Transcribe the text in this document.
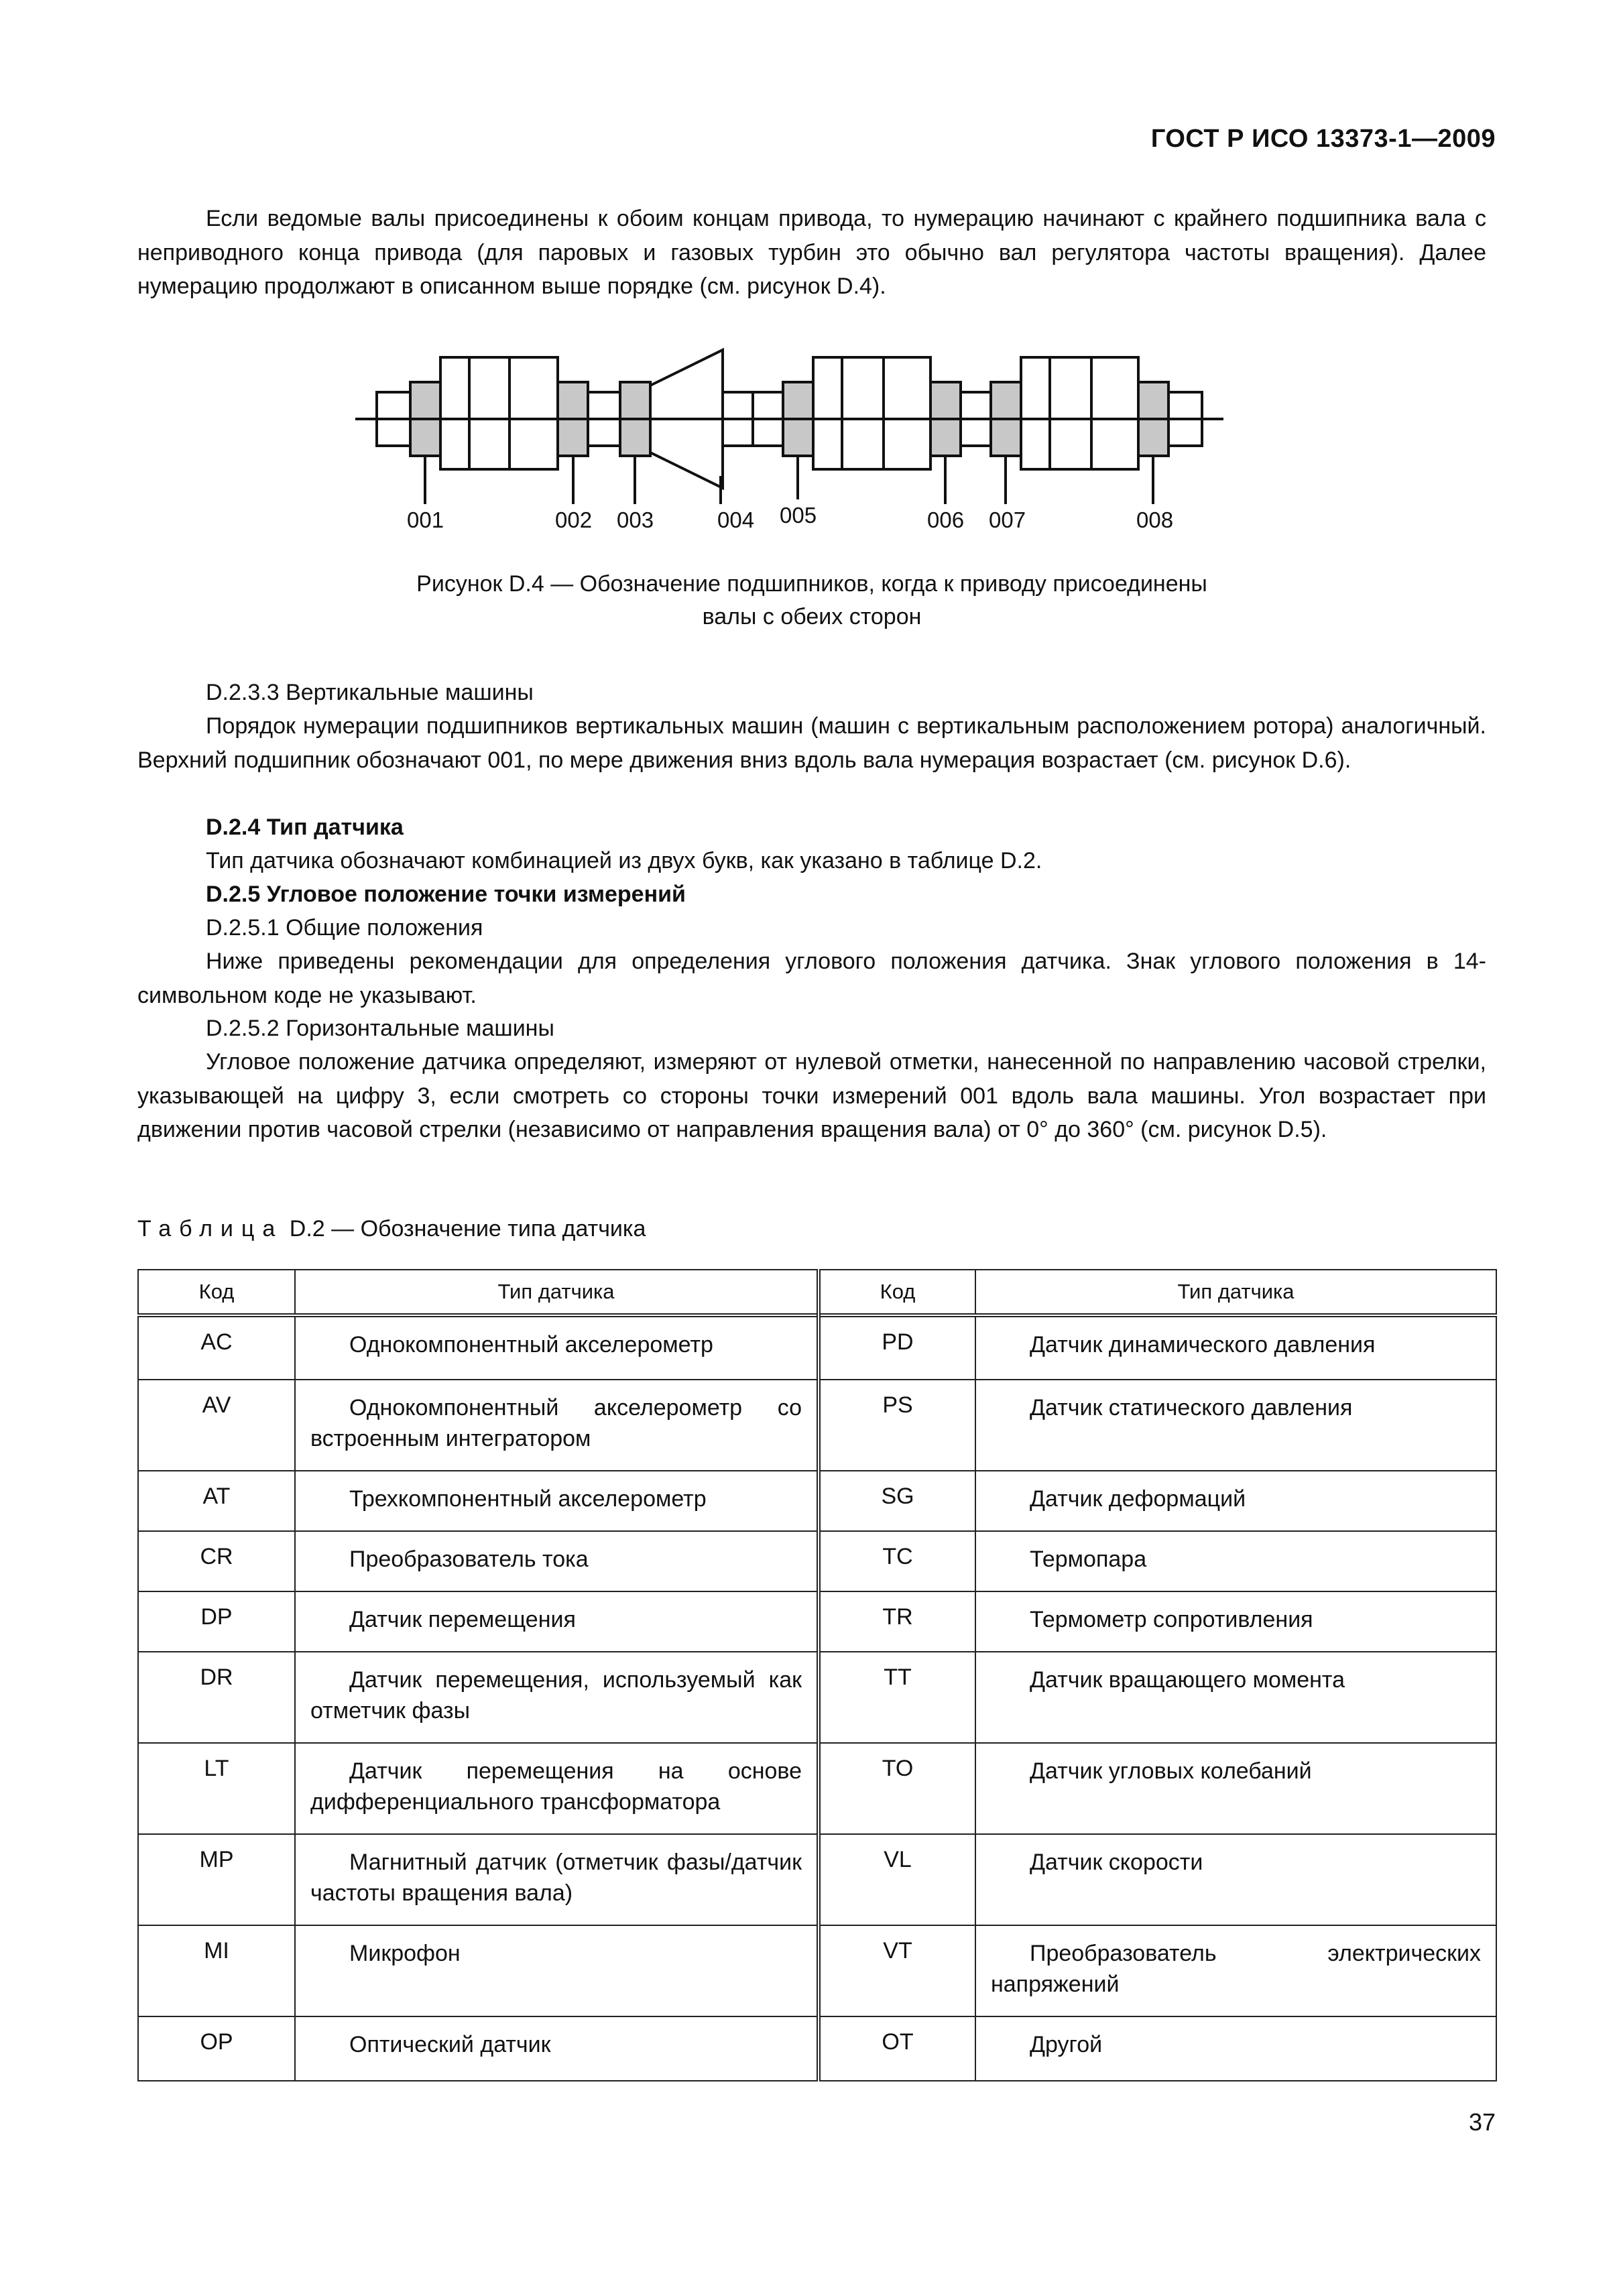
ГОСТ Р ИСО 13373-1—2009
Если ведомые валы присоединены к обоим концам привода, то нумерацию начинают с крайнего подшипника вала с неприводного конца привода (для паровых и газовых турбин это обычно вал регулятора частоты вращения). Далее нумерацию продолжают в описанном выше порядке (см. рисунок D.4).
001	002 003	004 005	006 007	008
Рисунок D.4 — Обозначение подшипников, когда к приводу присоединены
валы с обеих сторон
D.2.3.3 Вертикальные машины
Порядок нумерации подшипников вертикальных машин (машин с вертикальным расположением ротора) аналогичный. Верхний подшипник обозначают 001, по мере движения вниз вдоль вала нумерация возрастает (см. рисунок D.6).
D.2.4 Тип датчика
Тип датчика обозначают комбинацией из двух букв, как указано в таблице D.2.
D.2.5 Угловое положение точки измерений
D.2.5.1 Общие положения
Ниже приведены рекомендации для определения углового положения датчика. Знак углового положения в 14-символьном коде не указывают.
D.2.5.2 Горизонтальные машины
Угловое положение датчика определяют, измеряют от нулевой отметки, нанесенной по направлению часовой стрелки, указывающей на цифру 3, если смотреть со стороны точки измерений 001 вдоль вала машины. Угол возрастает при движении против часовой стрелки (независимо от направления вращения вала) от 0° до 360° (см. рисунок D.5).
Таблица D.2 — Обозначение типа датчика
Код	Тип датчика	Код	Тип датчика
AC	Однокомпонентный акселерометр	PD	Датчик динамического давления

AV	Однокомпонентный акселерометр со встроенным интегратором	PS	Датчик статического давления

AT	Трехкомпонентный акселерометр	SG	Датчик деформаций

CR	Преобразователь тока	TC	Термопара

DP	Датчик перемещения	TR	Термометр сопротивления

DR	Датчик перемещения, используемый как отметчик фазы	TT	Датчик вращающего момента

LT	Датчик перемещения на основе дифференциального трансформатора	TO	Датчик угловых колебаний

MP	Магнитный датчик (отметчик фазы/датчик частоты вращения вала)	VL	Датчик скорости

MI	Микрофон	VT	Преобразователь электрических напряжений

OP	Оптический датчик	OT	Другой
37
